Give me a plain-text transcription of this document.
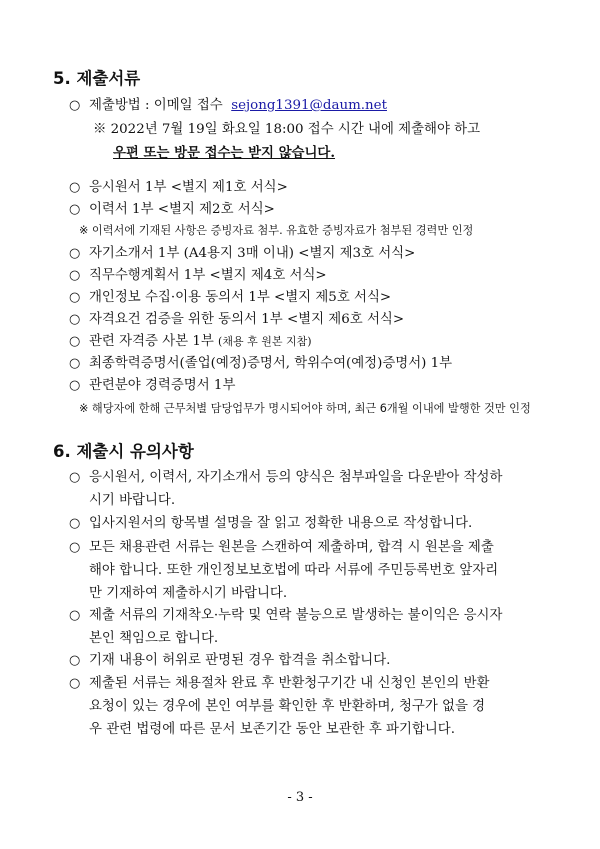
5. 제출서류
○ 제출방법 : 이메일 접수 sejong1391@daum.net
※ 2022년 7월 19일 화요일 18:00 접수 시간 내에 제출해야 하고
우편 또는 방문 접수는 받지 않습니다.
○ 응시원서 1부 <별지 제1호 서식>
○ 이력서 1부 <별지 제2호 서식>
※ 이력서에 기재된 사항은 증빙자료 첨부. 유효한 증빙자료가 첨부된 경력만 인정
○ 자기소개서 1부 (A4용지 3매 이내) <별지 제3호 서식>
○ 직무수행계획서 1부 <별지 제4호 서식>
○ 개인정보 수집·이용 동의서 1부 <별지 제5호 서식>
○ 자격요건 검증을 위한 동의서 1부 <별지 제6호 서식>
○ 관련 자격증 사본 1부 (채용 후 원본 지참)
○ 최종학력증명서(졸업(예정)증명서, 학위수여(예정)증명서) 1부
○ 관련분야 경력증명서 1부
※ 해당자에 한해 근무처별 담당업무가 명시되어야 하며, 최근 6개월 이내에 발행한 것만 인정
6. 제출시 유의사항
○ 응시원서, 이력서, 자기소개서 등의 양식은 첨부파일을 다운받아 작성하
시기 바랍니다.
○ 입사지원서의 항목별 설명을 잘 읽고 정확한 내용으로 작성합니다.
○ 모든 채용관련 서류는 원본을 스캔하여 제출하며, 합격 시 원본을 제출
해야 합니다. 또한 개인정보보호법에 따라 서류에 주민등록번호 앞자리
만 기재하여 제출하시기 바랍니다.
○ 제출 서류의 기재착오·누락 및 연락 불능으로 발생하는 불이익은 응시자
본인 책임으로 합니다.
○ 기재 내용이 허위로 판명된 경우 합격을 취소합니다.
○ 제출된 서류는 채용절차 완료 후 반환청구기간 내 신청인 본인의 반환
요청이 있는 경우에 본인 여부를 확인한 후 반환하며, 청구가 없을 경
우 관련 법령에 따른 문서 보존기간 동안 보관한 후 파기합니다.
- 3 -
